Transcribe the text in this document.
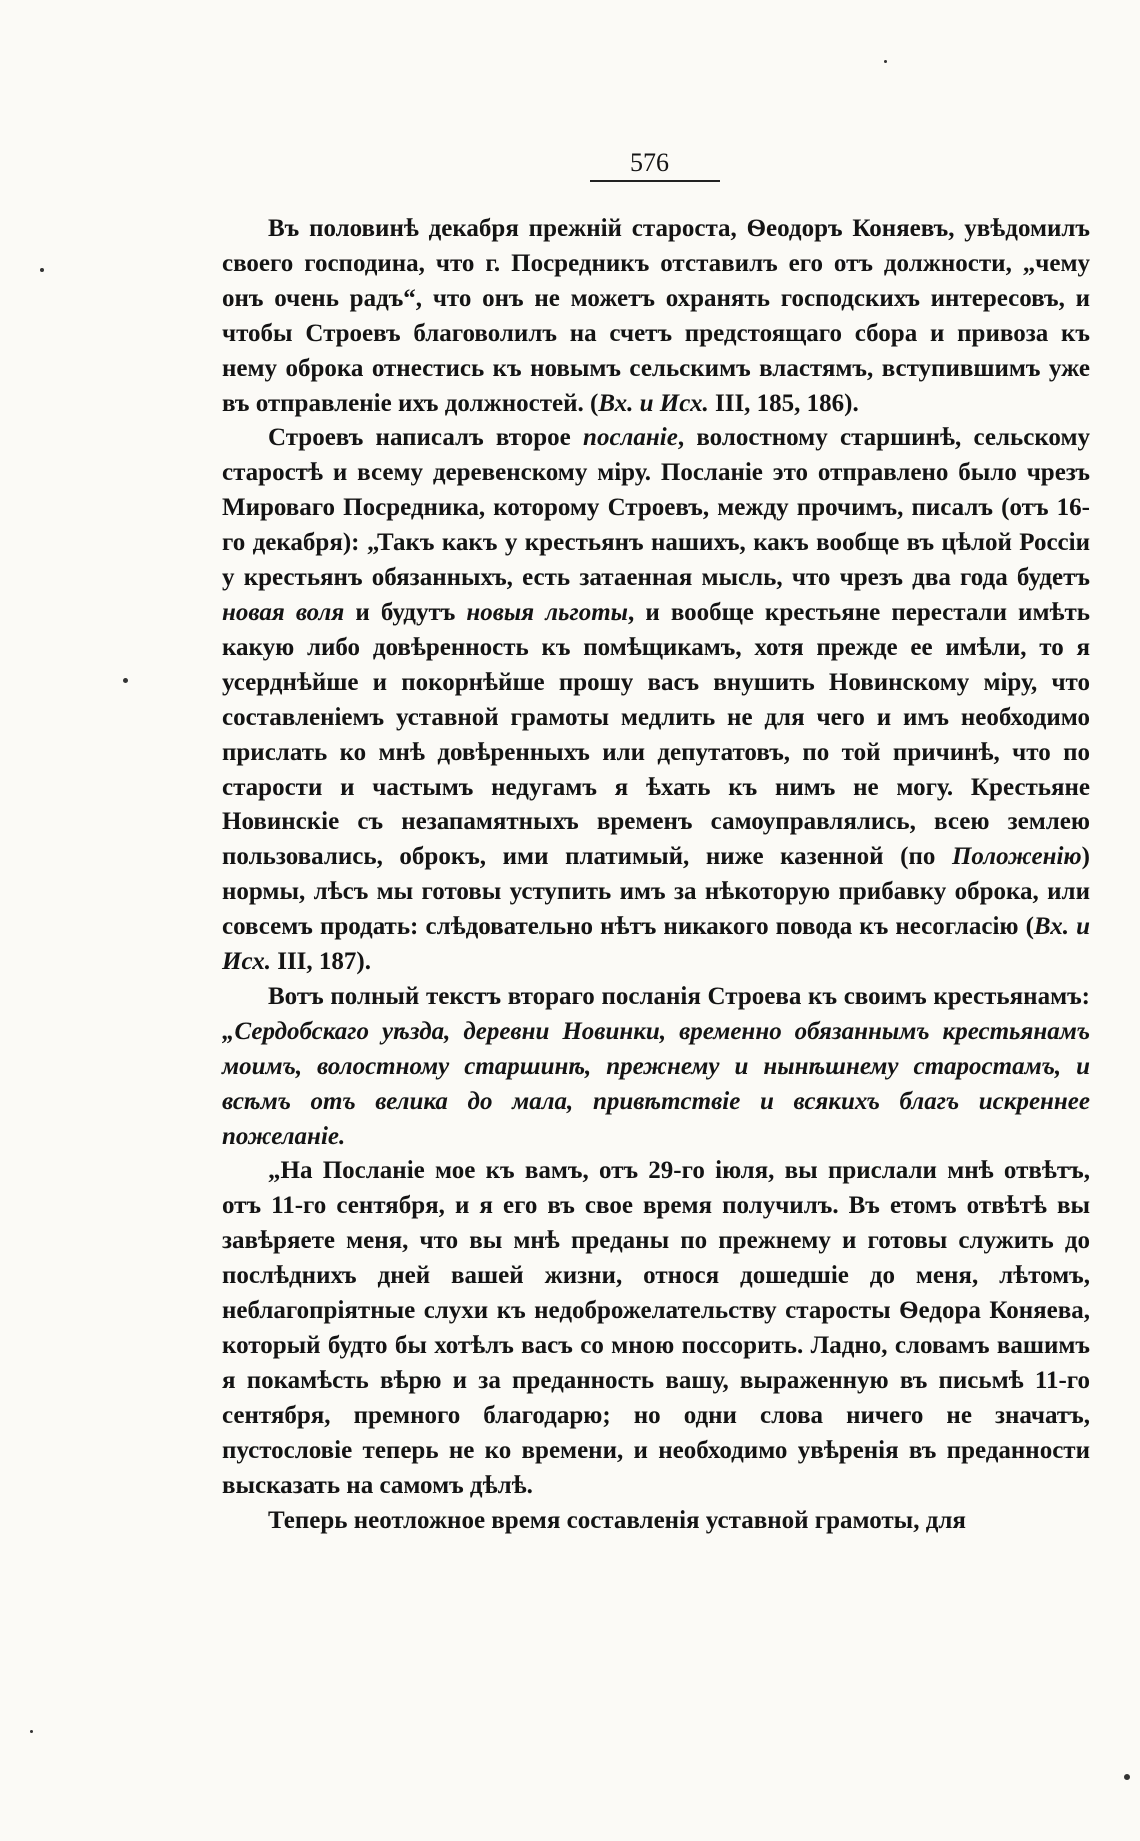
576

Въ половинѣ декабря прежній староста, Ѳеодоръ Коняевъ, увѣдомилъ своего господина, что г. Посредникъ отставилъ его отъ должности, „чему онъ очень радъ“, что онъ не можетъ охранять господскихъ интересовъ, и чтобы Строевъ благоволилъ на счетъ предстоящаго сбора и привоза къ нему оброка отнестись къ новымъ сельскимъ властямъ, вступившимъ уже въ отправленіе ихъ должностей. (Вх. и Исх. III, 185, 186).

Строевъ написалъ второе посланіе, волостному старшинѣ, сельскому старостѣ и всему деревенскому міру. Посланіе это отправлено было чрезъ Мироваго Посредника, которому Строевъ, между прочимъ, писалъ (отъ 16-го декабря): „Такъ какъ у крестьянъ нашихъ, какъ вообще въ цѣлой Россіи у крестьянъ обязанныхъ, есть затаенная мысль, что чрезъ два года будетъ новая воля и будутъ новыя льготы, и вообще крестьяне перестали имѣть какую либо довѣренность къ помѣщикамъ, хотя прежде ее имѣли, то я усерднѣйше и покорнѣйше прошу васъ внушить Новинскому міру, что составленіемъ уставной грамоты медлить не для чего и имъ необходимо прислать ко мнѣ довѣренныхъ или депутатовъ, по той причинѣ, что по старости и частымъ недугамъ я ѣхать къ нимъ не могу. Крестьяне Новинскіе съ незапамятныхъ временъ самоуправлялись, всею землею пользовались, оброкъ, ими платимый, ниже казенной (по Положенію) нормы, лѣсъ мы готовы уступить имъ за нѣкоторую прибавку оброка, или совсемъ продать: слѣдовательно нѣтъ никакого повода къ несогласію (Вх. и Исх. III, 187).

Вотъ полный текстъ втораго посланія Строева къ своимъ крестьянамъ: „Сердобскаго уѣзда, деревни Новинки, временно обязаннымъ крестьянамъ моимъ, волостному старшинѣ, прежнему и нынѣшнему старостамъ, и всѣмъ отъ велика до мала, привѣтствіе и всякихъ благъ искреннее пожеланіе.

„На Посланіе мое къ вамъ, отъ 29-го іюля, вы прислали мнѣ отвѣтъ, отъ 11-го сентября, и я его въ свое время получилъ. Въ етомъ отвѣтѣ вы завѣряете меня, что вы мнѣ преданы по прежнему и готовы служить до послѣднихъ дней вашей жизни, относя дошедшіе до меня, лѣтомъ, неблагопріятные слухи къ недоброжелательству старосты Ѳедора Коняева, который будто бы хотѣлъ васъ со мною поссорить. Ладно, словамъ вашимъ я покамѣсть вѣрю и за преданность вашу, выраженную въ письмѣ 11-го сентября, премного благодарю; но одни слова ничего не значатъ, пустословіе теперь не ко времени, и необходимо увѣренія въ преданности высказать на самомъ дѣлѣ.

Теперь неотложное время составленія уставной грамоты, для
